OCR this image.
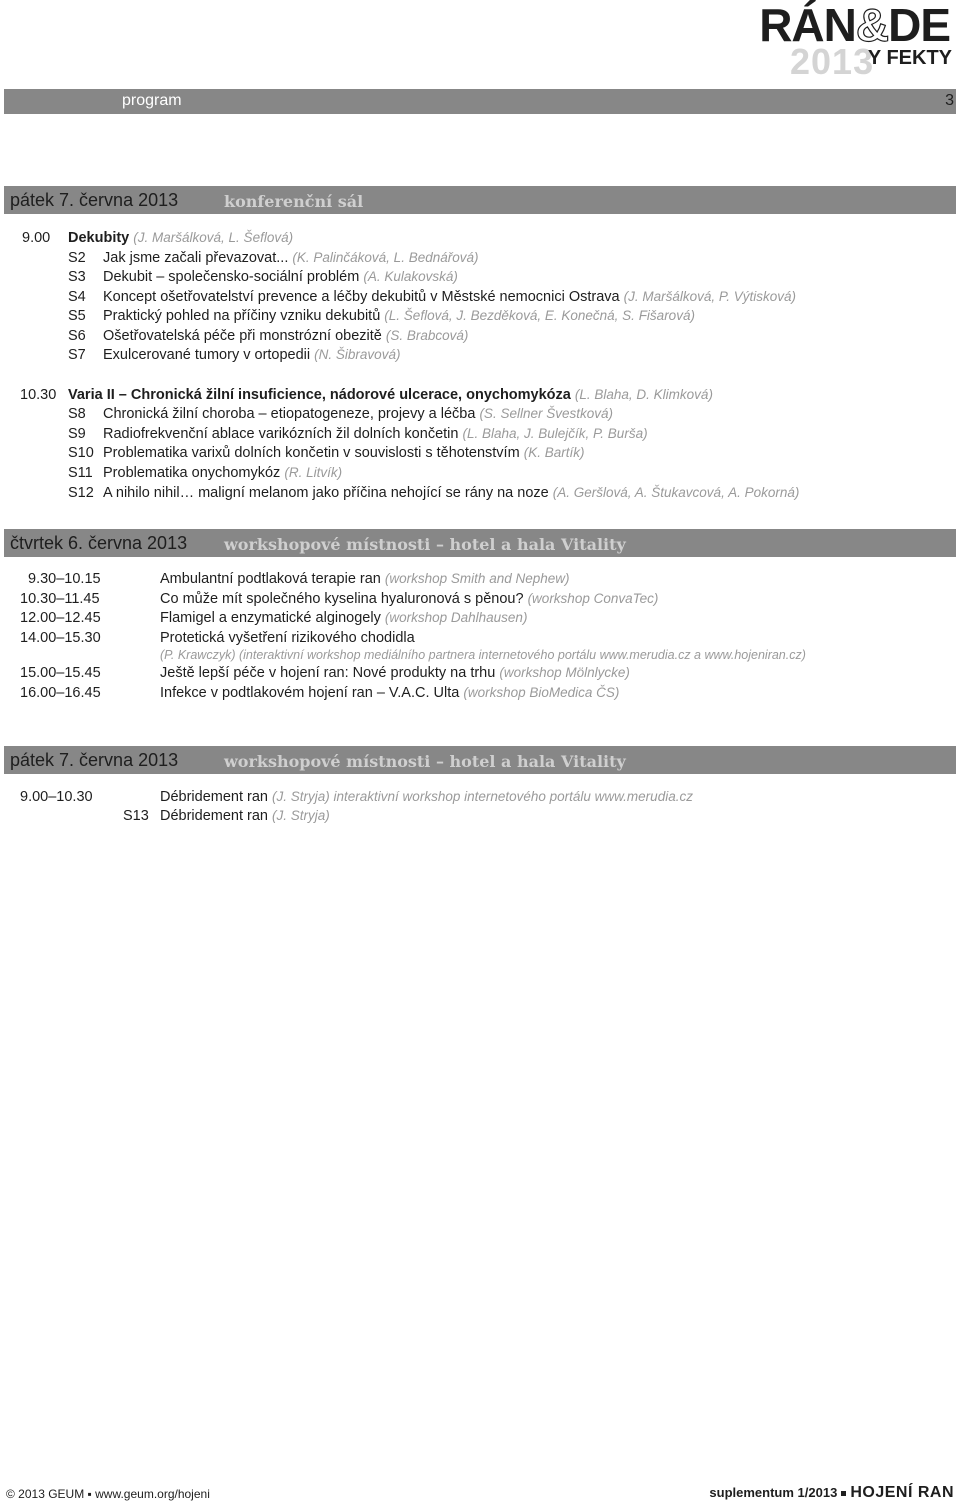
RÁN&DE
2013
Y FEKTY
program	3
pátek 7. června 2013	konferenční sál
9.00 Dekubity (J. Maršálková, L. Šeflová)
S2 Jak jsme začali převazovat... (K. Palinčáková, L. Bednářová)
S3 Dekubit – společensko-sociální problém (A. Kulakovská)
S4 Koncept ošetřovatelství prevence a léčby dekubitů v Městské nemocnici Ostrava (J. Maršálková, P. Výtisková)
S5 Praktický pohled na příčiny vzniku dekubitů (L. Šeflová, J. Bezděková, E. Konečná, S. Fišarová)
S6 Ošetřovatelská péče při monstrózní obezitě (S. Brabcová)
S7 Exulcerované tumory v ortopedii (N. Šibravová)
10.30 Varia II – Chronická žilní insuficience, nádorové ulcerace, onychomykóza (L. Blaha, D. Klimková)
S8 Chronická žilní choroba – etiopatogeneze, projevy a léčba (S. Sellner Švestková)
S9 Radiofrekvenční ablace varikózních žil dolních končetin (L. Blaha, J. Bulejčík, P. Burša)
S10 Problematika varixů dolních končetin v souvislosti s těhotenstvím (K. Bartík)
S11 Problematika onychomykóz (R. Litvík)
S12 A nihilo nihil… maligní melanom jako příčina nehojící se rány na noze (A. Geršlová, A. Štukavcová, A. Pokorná)
čtvrtek 6. června 2013 workshopové místnosti – hotel a hala Vitality
9.30–10.15	Ambulantní podtlaková terapie ran (workshop Smith and Nephew)
10.30–11.45	Co může mít společného kyselina hyaluronová s pěnou? (workshop ConvaTec)
12.00–12.45	Flamigel a enzymatické alginogely (workshop Dahlhausen)
14.00–15.30	Protetická vyšetření rizikového chodidla
(P. Krawczyk) (interaktivní workshop mediálního partnera internetového portálu www.merudia.cz a www.hojeniran.cz)
15.00–15.45	Ještě lepší péče v hojení ran: Nové produkty na trhu (workshop Mölnlycke)
16.00–16.45	Infekce v podtlakovém hojení ran – V.A.C. Ulta (workshop BioMedica ČS)
pátek 7. června 2013	workshopové místnosti – hotel a hala Vitality
9.00–10.30	Débridement ran (J. Stryja) interaktivní workshop internetového portálu www.merudia.cz
S13 Débridement ran (J. Stryja)
© 2013 GEUM ▪ www.geum.org/hojeni	suplementum 1/2013 HOJENÍ RAN
